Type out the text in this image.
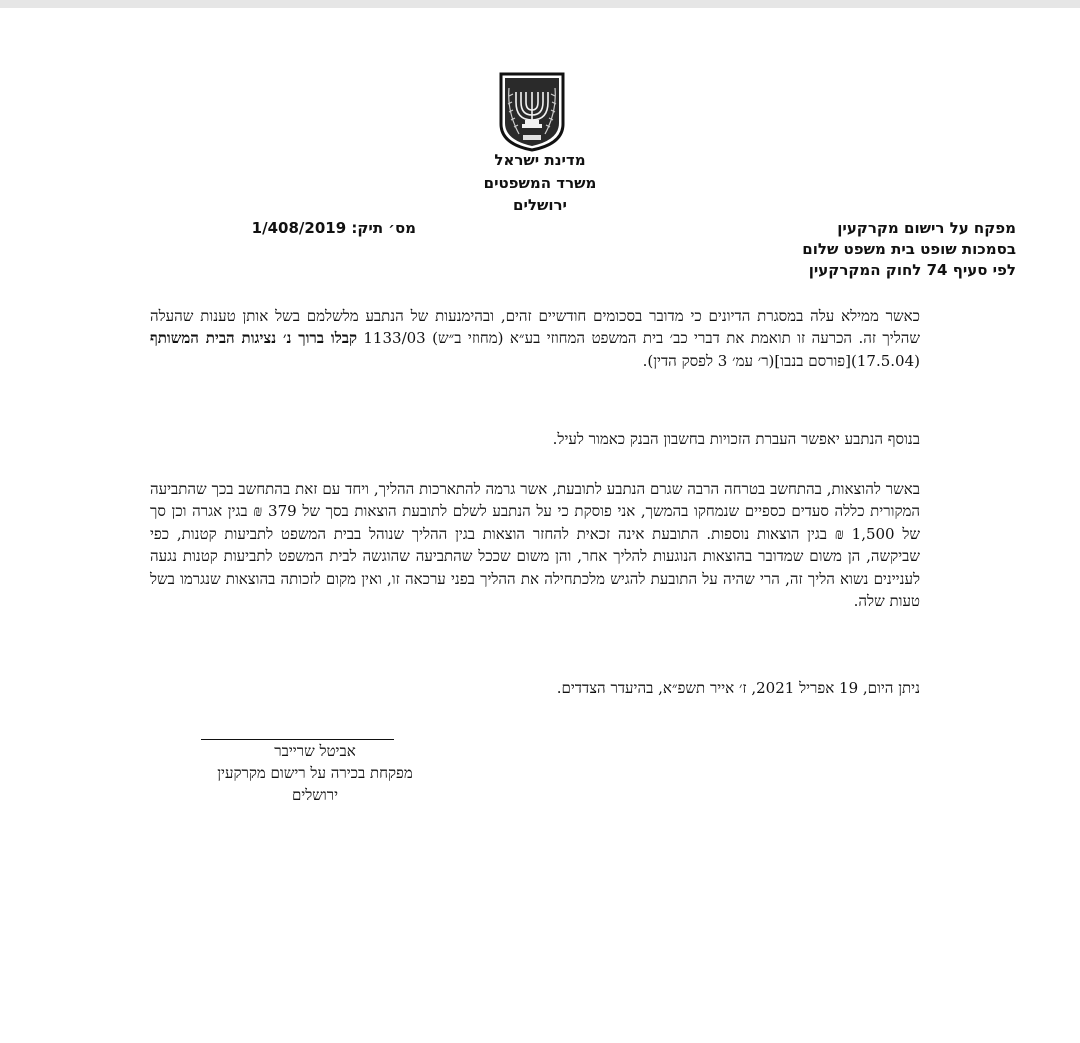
מדינת ישראל
משרד המשפטים
ירושלים
מפקח על רישום מקרקעין
בסמכות שופט בית משפט שלום
לפי סעיף 74 לחוק המקרקעין
מס׳ תיק: 1/408/2019
כאשר ממילא עלה במסגרת הדיונים כי מדובר בסכומים חודשיים זהים, ובהימנעות של הנתבע מלשלמם בשל אותן טענות שהעלה שהליך זה. הכרעה זו תואמת את דברי כב׳ בית המשפט המחוזי בע״א (מחוזי ב״ש) 1133/03 קבלו ברוך נ׳ נציגות הבית המשותף (17.5.04)[פורסם בנבו](ר׳ עמ׳ 3 לפסק הדין).
בנוסף הנתבע יאפשר העברת הזכויות בחשבון הבנק כאמור לעיל.
באשר להוצאות, בהתחשב בטרחה הרבה שגרם הנתבע לתובעת, אשר גרמה להתארכות ההליך, ויחד עם זאת בהתחשב בכך שהתביעה המקורית כללה סעדים כספיים שנמחקו בהמשך, אני פוסקת כי על הנתבע לשלם לתובעת הוצאות בסך של 379 ₪ בגין אגרה וכן סך של 1,500 ₪ בגין הוצאות נוספות. התובעת אינה זכאית להחזר הוצאות בגין ההליך שנוהל בבית המשפט לתביעות קטנות, כפי שביקשה, הן משום שמדובר בהוצאות הנוגעות להליך אחר, והן משום שככל שהתביעה שהוגשה לבית המשפט לתביעות קטנות נגעה לעניינים נשוא הליך זה, הרי שהיה על התובעת להגיש מלכתחילה את ההליך בפני ערכאה זו, ואין מקום לזכותה בהוצאות שנגרמו בשל טעות שלה.
ניתן היום, 19 אפריל 2021, ז׳ אייר תשפ״א, בהיעדר הצדדים.
אביטל שרייבר
מפקחת בכירה על רישום מקרקעין
ירושלים
